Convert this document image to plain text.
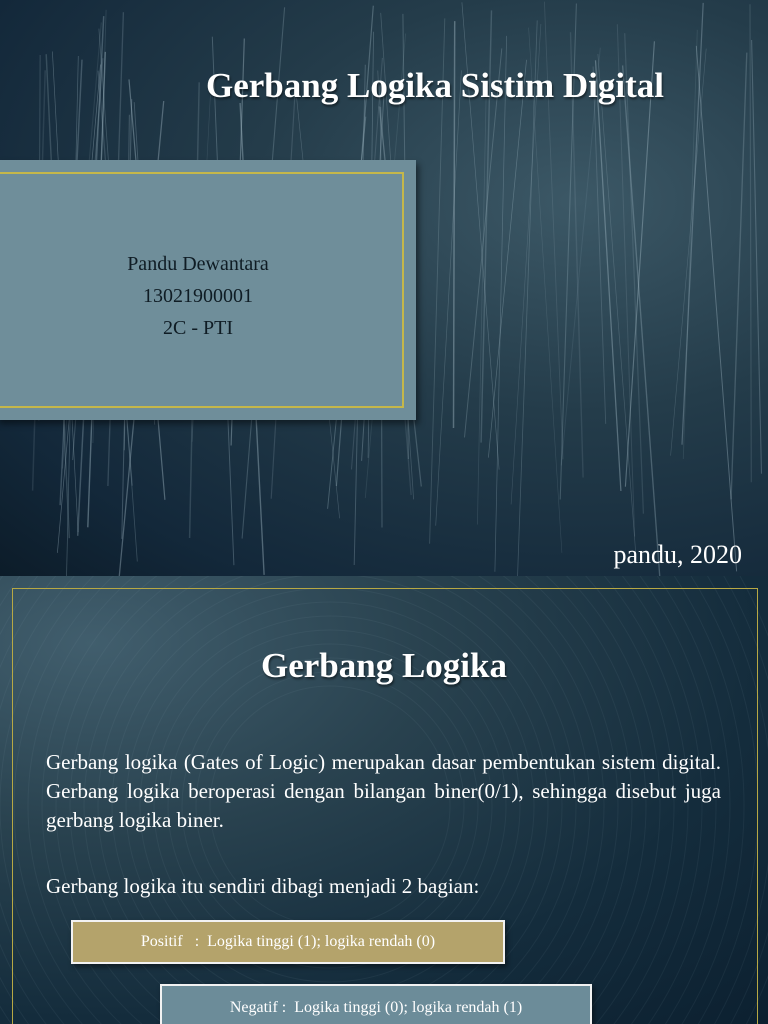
Gerbang Logika Sistim Digital
Pandu Dewantara
13021900001
2C - PTI
pandu, 2020
Gerbang Logika
Gerbang logika (Gates of Logic) merupakan dasar pembentukan sistem digital. Gerbang logika beroperasi dengan bilangan biner(0/1), sehingga disebut juga gerbang logika biner.
Gerbang logika itu sendiri dibagi menjadi 2 bagian:
Positif   :  Logika tinggi (1); logika rendah (0)
Negatif :  Logika tinggi (0); logika rendah (1)
